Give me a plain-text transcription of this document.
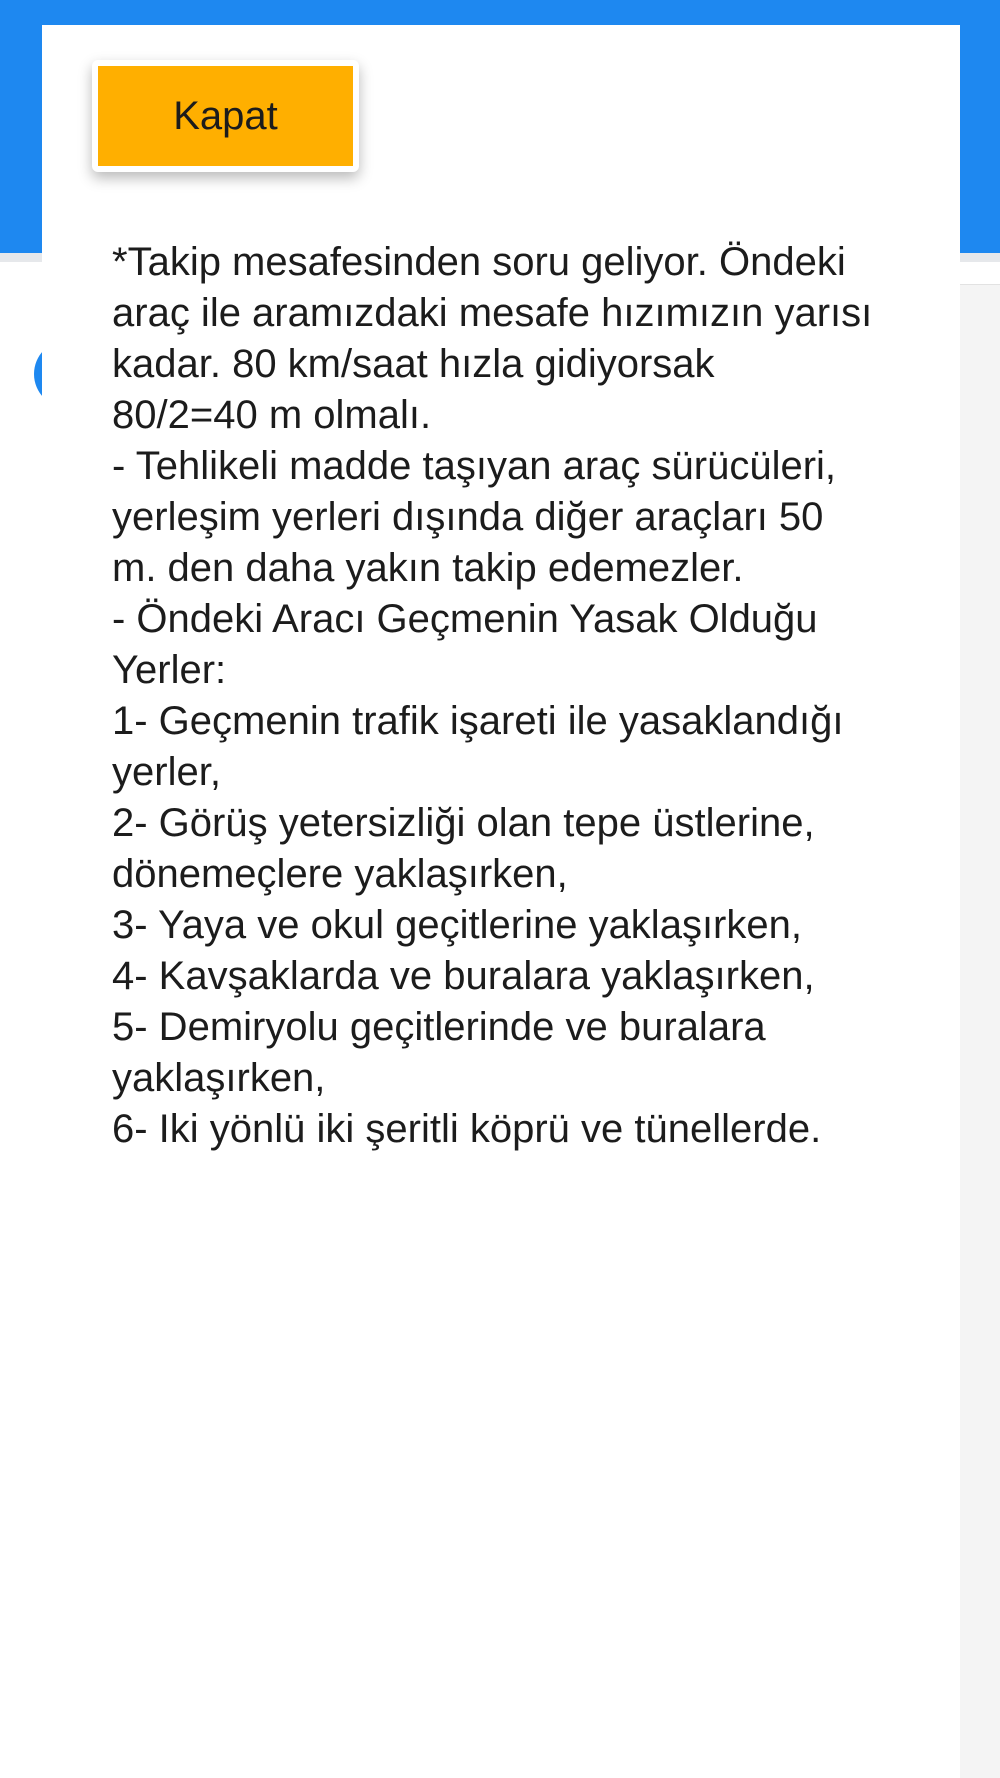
Kapat

*Takip mesafesinden soru geliyor. Öndeki

araç ile aramızdaki mesafe hızımızın yarısı

kadar. 80 km/saat hızla gidiyorsak

80/2=40 m olmalı.

- Tehlikeli madde taşıyan araç sürücüleri,

yerleşim yerleri dışında diğer araçları 50

m. den daha yakın takip edemezler.

- Öndeki Aracı Geçmenin Yasak Olduğu

Yerler:

1- Geçmenin trafik işareti ile yasaklandığı

yerler,

2- Görüş yetersizliği olan tepe üstlerine,

dönemeçlere yaklaşırken,

3- Yaya ve okul geçitlerine yaklaşırken,

4- Kavşaklarda ve buralara yaklaşırken,

5- Demiryolu geçitlerinde ve buralara

yaklaşırken,

6- Iki yönlü iki şeritli köprü ve tünellerde.
